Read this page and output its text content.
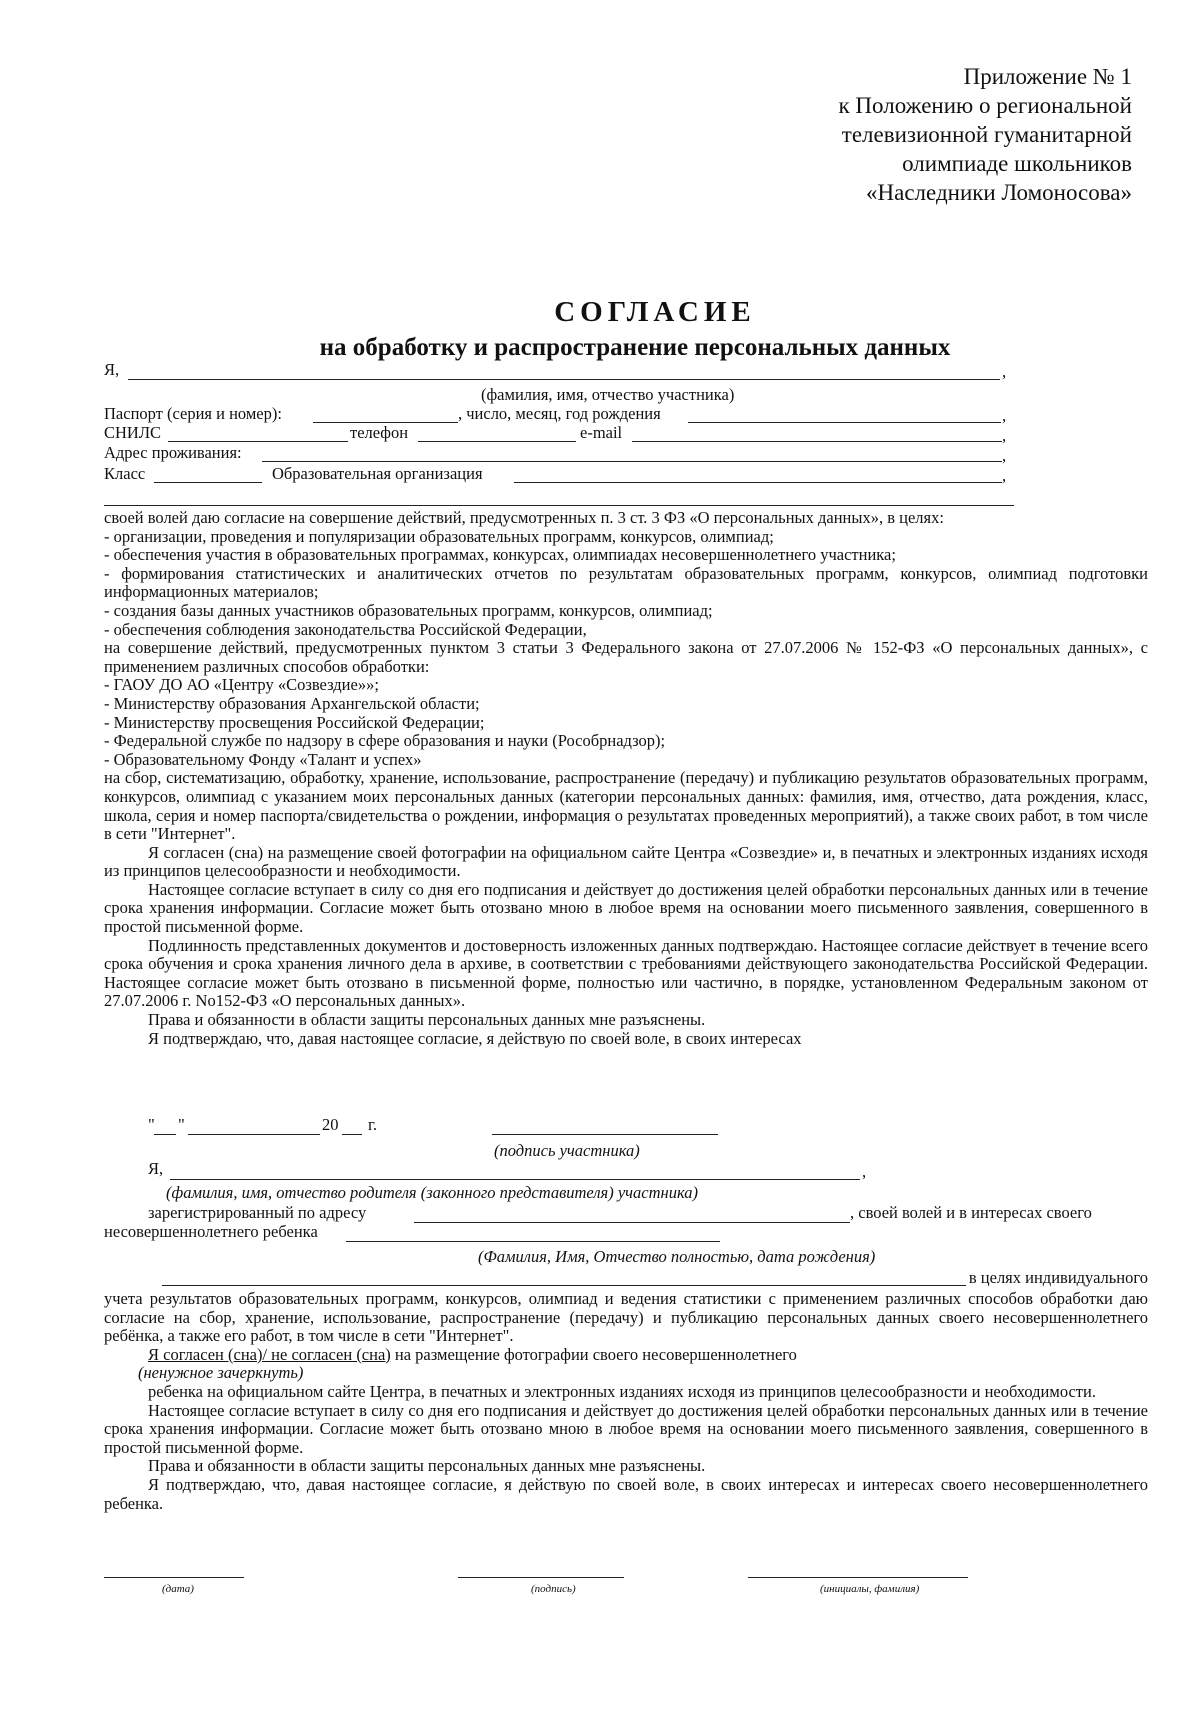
Приложение № 1
к Положению о региональной
телевизионной гуманитарной
олимпиаде школьников
«Наследники Ломоносова»
СОГЛАСИЕ
на обработку и распространение персональных данных
Я,	,
(фамилия, имя, отчество участника)
Паспорт (серия и номер):	, число, месяц, год рождения	,
СНИЛС	телефон	e-mail	,
Адрес проживания:	,
Класс	Образовательная организация	,

своей волей даю согласие на совершение действий, предусмотренных п. 3 ст. 3 ФЗ «О персональных данных», в целях:

- организации, проведения и популяризации образовательных программ, конкурсов, олимпиад;

- обеспечения участия в образовательных программах, конкурсах, олимпиадах несовершеннолетнего участника;

- формирования статистических и аналитических отчетов по результатам образовательных программ, конкурсов, олимпиад подготовки информационных материалов;

- создания базы данных участников образовательных программ, конкурсов, олимпиад;

- обеспечения соблюдения законодательства Российской Федерации,

на совершение действий, предусмотренных пунктом 3 статьи 3 Федерального закона от 27.07.2006 № 152-ФЗ «О персональных данных», с применением различных способов обработки:

- ГАОУ ДО АО «Центру «Созвездие»»;

- Министерству образования Архангельской области;

- Министерству просвещения Российской Федерации;

- Федеральной службе по надзору в сфере образования и науки (Рособрнадзор);

- Образовательному Фонду «Талант и успех»

на сбор, систематизацию, обработку, хранение, использование, распространение (передачу) и публикацию результатов образовательных программ, конкурсов, олимпиад с указанием моих персональных данных (категории персональных данных: фамилия, имя, отчество, дата рождения, класс, школа, серия и номер паспорта/свидетельства о рождении, информация о результатах проведенных мероприятий), а также своих работ, в том числе в сети "Интернет".

Я согласен (сна) на размещение своей фотографии на официальном сайте Центра «Созвездие» и, в печатных и электронных изданиях исходя из принципов целесообразности и необходимости.

Настоящее согласие вступает в силу со дня его подписания и действует до достижения целей обработки персональных данных или в течение срока хранения информации. Согласие может быть отозвано мною в любое время на основании моего письменного заявления, совершенного в простой письменной форме.

Подлинность представленных документов и достоверность изложенных данных подтверждаю. Настоящее согласие действует в течение всего срока обучения и срока хранения личного дела в архиве, в соответствии с требованиями действующего законодательства Российской Федерации. Настоящее согласие может быть отозвано в письменной форме, полностью или частично, в порядке, установленном Федеральным законом от 27.07.2006 г. No152-ФЗ «О персональных данных».

Права и обязанности в области защиты персональных данных мне разъяснены.

Я подтверждаю, что, давая настоящее согласие, я действую по своей воле, в своих интересах

" "	20 г.
(подпись участника)
Я,	,
(фамилия, имя, отчество родителя (законного представителя) участника)
зарегистрированный по адресу	, своей волей и в интересах своего
несовершеннолетнего ребенка
(Фамилия, Имя, Отчество полностью, дата рождения)
в целях индивидуального

учета результатов образовательных программ, конкурсов, олимпиад и ведения статистики с применением различных способов обработки даю согласие на сбор, хранение, использование, распространение (передачу) и публикацию персональных данных своего несовершеннолетнего ребёнка, а также его работ, в том числе в сети "Интернет".

Я согласен (сна)/ не согласен (сна) на размещение фотографии своего несовершеннолетнего

(ненужное зачеркнуть)

ребенка на официальном сайте Центра, в печатных и электронных изданиях исходя из принципов целесообразности и необходимости.

Настоящее согласие вступает в силу со дня его подписания и действует до достижения целей обработки персональных данных или в течение срока хранения информации. Согласие может быть отозвано мною в любое время на основании моего письменного заявления, совершенного в простой письменной форме.

Права и обязанности в области защиты персональных данных мне разъяснены.

Я подтверждаю, что, давая настоящее согласие, я действую по своей воле, в своих интересах и интересах своего несовершеннолетнего ребенка.

(дата)	(подпись)	(инициалы, фамилия)
